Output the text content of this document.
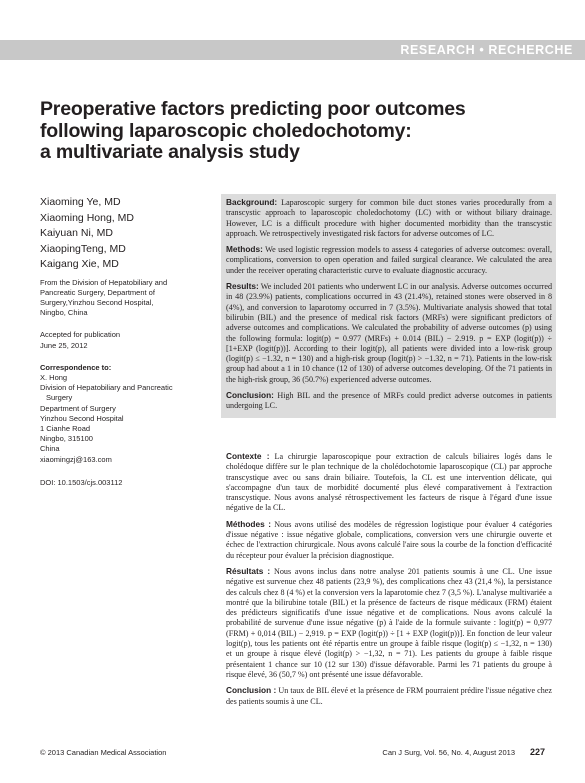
RESEARCH • RECHERCHE
Preoperative factors predicting poor outcomes
following laparoscopic choledochotomy:
a multivariate analysis study
Xiaoming Ye, MD
Xiaoming Hong, MD
Kaiyuan Ni, MD
XiaopingTeng, MD
Kaigang Xie, MD
From the Division of Hepatobiliary and
Pancreatic Surgery, Department of
Surgery,Yinzhou Second Hospital,
Ningbo, China
Accepted for publication
June 25, 2012
Correspondence to:
X. Hong
Division of Hepatobiliary and Pancreatic
Surgery
Department of Surgery
Yinzhou Second Hospital
1 Cianhe Road
Ningbo, 315100
China
xiaomingzj@163.com
DOI: 10.1503/cjs.003112

Background: Laparoscopic surgery for common bile duct stones varies procedurally from a transcystic approach to laparoscopic choledochotomy (LC) with or without biliary drainage. However, LC is a difficult procedure with higher documented morbidity than the transcystic approach. We retrospectively investigated risk factors for adverse outcomes of LC.

Methods: We used logistic regression models to assess 4 categories of adverse outcomes: overall, complications, conversion to open operation and failed surgical clearance. We calculated the area under the receiver operating characteristic curve to evaluate diagnostic accuracy.

Results: We included 201 patients who underwent LC in our analysis. Adverse outcomes occurred in 48 (23.9%) patients, complications occurred in 43 (21.4%), retained stones were observed in 8 (4%), and conversion to laparotomy occurred in 7 (3.5%). Multivariate analysis showed that total bilirubin (BIL) and the presence of medical risk factors (MRFs) were significant predictors of adverse outcomes and complications. We calculated the probability of adverse outcomes (p) using the following formula: logit(p) = 0.977 (MRFs) + 0.014 (BIL) − 2.919. p = EXP (logit(p)) ÷ [1+EXP (logit(p))]. According to their logit(p), all patients were divided into a low-risk group (logit(p) ≤ −1.32, n = 130) and a high-risk group (logit(p) > −1.32, n = 71). Patients in the low-risk group had about a 1 in 10 chance (12 of 130) of adverse outcomes developing. Of the 71 patients in the high-risk group, 36 (50.7%) experienced adverse outcomes.

Conclusion: High BIL and the presence of MRFs could predict adverse outcomes in patients undergoing LC.

Contexte : La chirurgie laparoscopique pour extraction de calculs biliaires logés dans le cholédoque diffère sur le plan technique de la cholédochotomie laparoscopique (CL) par approche transcystique avec ou sans drain biliaire. Toutefois, la CL est une intervention délicate, qui s'accompagne d'un taux de morbidité documenté plus élevé comparativement à l'extraction transcystique. Nous avons analysé rétrospectivement les facteurs de risque à l'égard d'une issue négative de la CL.

Méthodes : Nous avons utilisé des modèles de régression logistique pour évaluer 4 catégories d'issue négative : issue négative globale, complications, conversion vers une chirurgie ouverte et échec de l'extraction chirurgicale. Nous avons calculé l'aire sous la courbe de la fonction d'efficacité du récepteur pour évaluer la précision diagnostique.

Résultats : Nous avons inclus dans notre analyse 201 patients soumis à une CL. Une issue négative est survenue chez 48 patients (23,9 %), des complications chez 43 (21,4 %), la persistance des calculs chez 8 (4 %) et la conversion vers la laparotomie chez 7 (3,5 %). L'analyse multivariée a montré que la bilirubine totale (BIL) et la présence de facteurs de risque médicaux (FRM) étaient des prédicteurs significatifs d'une issue négative et de complications. Nous avons calculé la probabilité de survenue d'une issue négative (p) à l'aide de la formule suivante : logit(p) = 0,977 (FRM) + 0,014 (BIL) − 2,919. p = EXP (logit(p)) ÷ [1 + EXP (logit(p))]. En fonction de leur valeur logit(p), tous les patients ont été répartis entre un groupe à faible risque (logit(p) ≤ −1,32, n = 130) et un groupe à risque élevé (logit(p) > −1,32, n = 71). Les patients du groupe à faible risque présentaient 1 chance sur 10 (12 sur 130) d'issue défavorable. Parmi les 71 patients du groupe à risque élevé, 36 (50,7 %) ont présenté une issue défavorable.

Conclusion : Un taux de BIL élevé et la présence de FRM pourraient prédire l'issue négative chez des patients soumis à une CL.

© 2013 Canadian Medical Association	Can J Surg, Vol. 56, No. 4, August 2013 227
